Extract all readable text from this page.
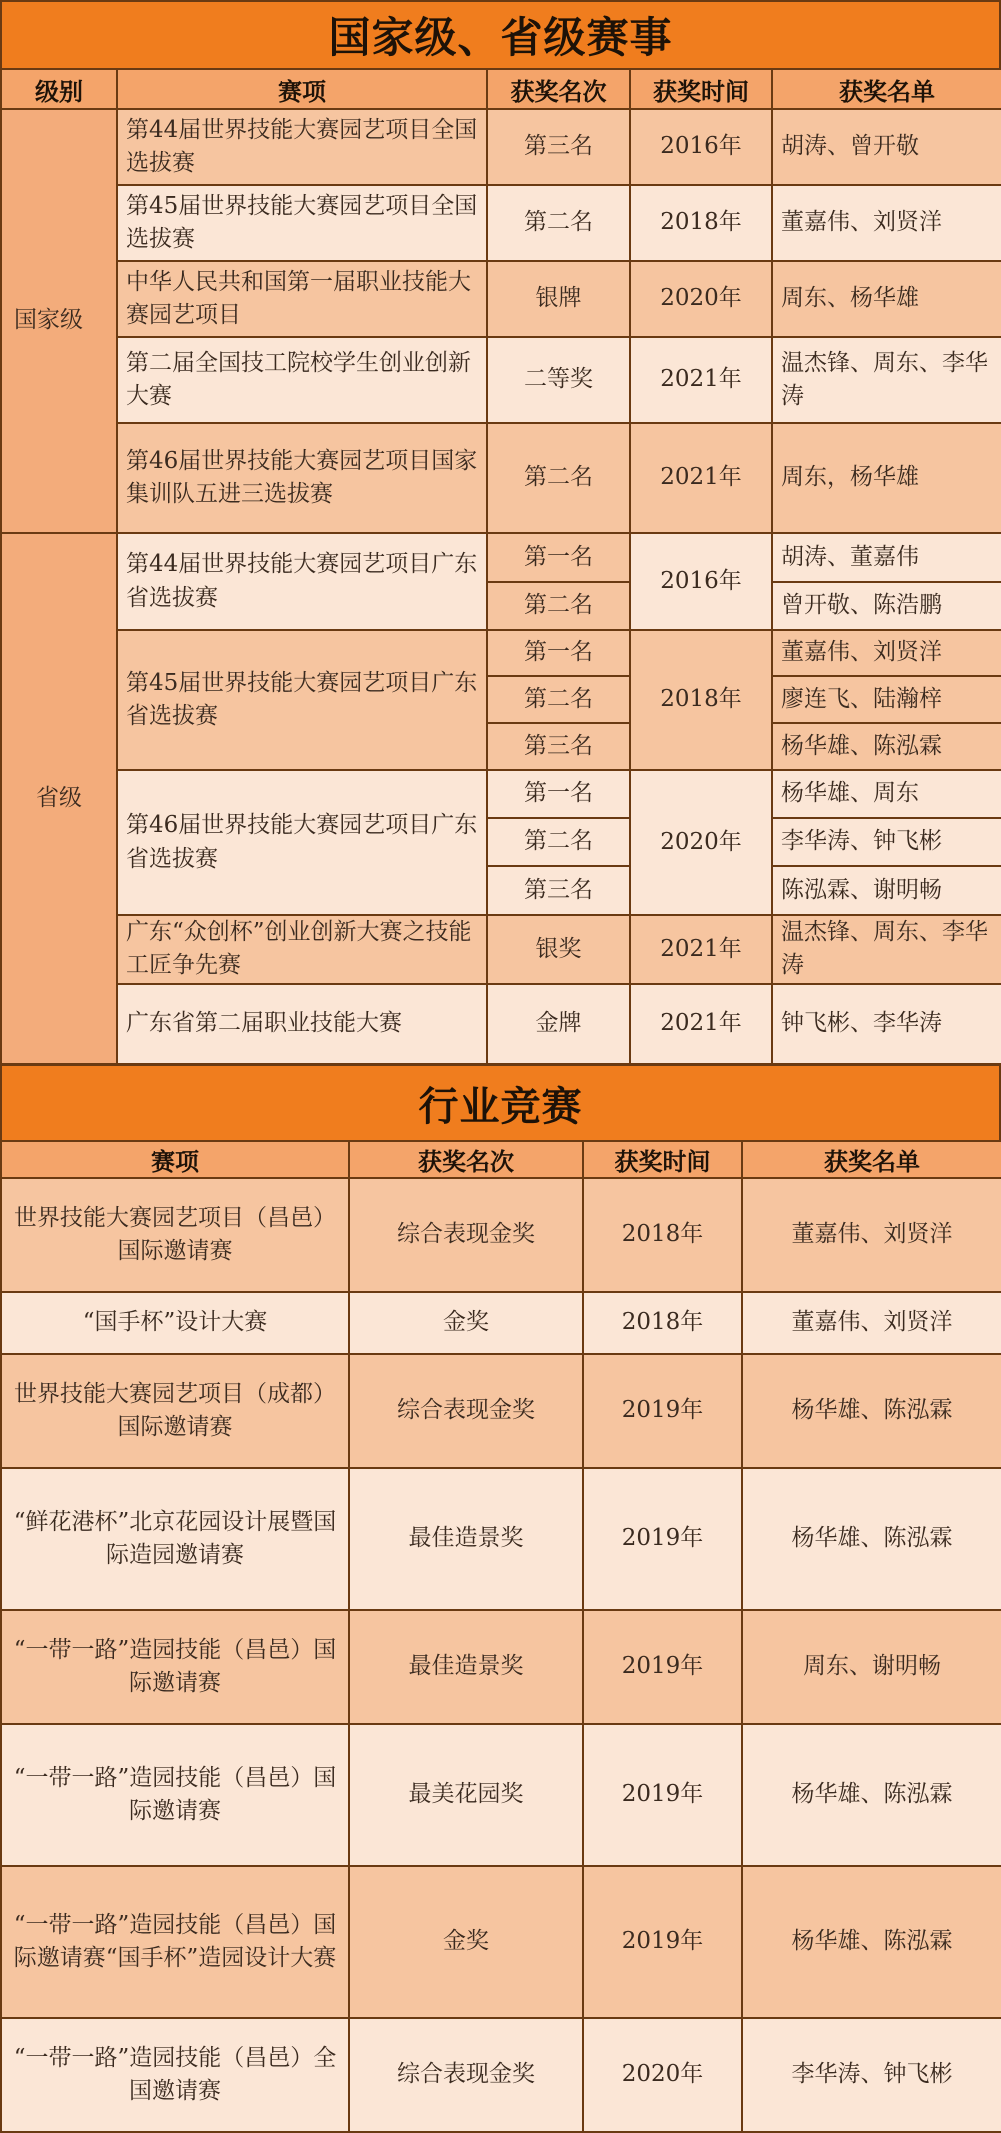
国家级、省级赛事
级别	赛项	获奖名次	获奖时间	获奖名单
国家级	第44届世界技能大赛园艺项目全国选拔赛	第三名	2016年	胡涛、曾开敬
	第45届世界技能大赛园艺项目全国选拔赛	第二名	2018年	董嘉伟、刘贤洋
	中华人民共和国第一届职业技能大赛园艺项目	银牌	2020年	周东、杨华雄
	第二届全国技工院校学生创业创新大赛	二等奖	2021年	温杰锋、周东、李华涛
	第46届世界技能大赛园艺项目国家集训队五进三选拔赛	第二名	2021年	周东，杨华雄
省级	第44届世界技能大赛园艺项目广东省选拔赛	第一名	2016年	胡涛、董嘉伟
		第二名		曾开敬、陈浩鹏
	第45届世界技能大赛园艺项目广东省选拔赛	第一名	2018年	董嘉伟、刘贤洋
		第二名		廖连飞、陆瀚梓
		第三名		杨华雄、陈泓霖
	第46届世界技能大赛园艺项目广东省选拔赛	第一名	2020年	杨华雄、周东
		第二名		李华涛、钟飞彬
		第三名		陈泓霖、谢明畅
	广东“众创杯”创业创新大赛之技能工匠争先赛	银奖	2021年	温杰锋、周东、李华涛
	广东省第二届职业技能大赛	金牌	2021年	钟飞彬、李华涛
行业竞赛
赛项	获奖名次	获奖时间	获奖名单
世界技能大赛园艺项目（昌邑）国际邀请赛	综合表现金奖	2018年	董嘉伟、刘贤洋
“国手杯”设计大赛	金奖	2018年	董嘉伟、刘贤洋
世界技能大赛园艺项目（成都）国际邀请赛	综合表现金奖	2019年	杨华雄、陈泓霖
“鲜花港杯”北京花园设计展暨国际造园邀请赛	最佳造景奖	2019年	杨华雄、陈泓霖
“一带一路”造园技能（昌邑）国际邀请赛	最佳造景奖	2019年	周东、谢明畅
“一带一路”造园技能（昌邑）国际邀请赛	最美花园奖	2019年	杨华雄、陈泓霖
“一带一路”造园技能（昌邑）国际邀请赛“国手杯”造园设计大赛	金奖	2019年	杨华雄、陈泓霖
“一带一路”造园技能（昌邑）全国邀请赛	综合表现金奖	2020年	李华涛、钟飞彬
